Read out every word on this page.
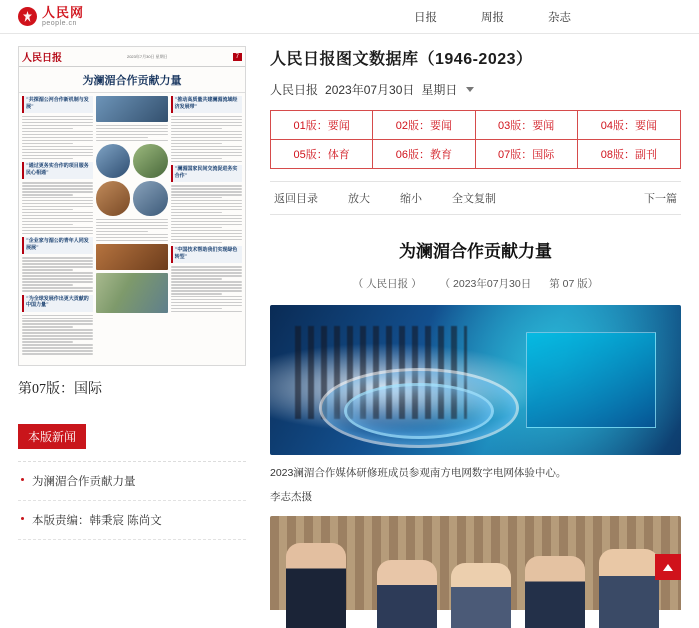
人民网
people.cn	日报	周报	杂志
人民日报	2023年7月30日 星期日	7
为澜湄合作贡献力量
"共探湄公河合作新机制与发展"
"通过更务实合作的项目服务民心相通"
"企业家与湄公的青年人同发展展"
"为全球发展作出更大贡献的中国力量"
"推动高质量共建澜湄流域经济发展带"
"澜湄国家民间交流促进务实合作"
"中国技术帮助我们实现绿色转型"
第07版：国际
本版新闻
为澜湄合作贡献力量
本版责编：韩秉宸 陈尚文
人民日报图文数据库（1946-2023）
人民日报 2023年07月30日 星期日
01版：要闻	02版：要闻	03版：要闻	04版：要闻
05版：体育	06版：教育	07版：国际	08版：副刊
返回目录	放大	缩小	全文复制	下一篇
为澜湄合作贡献力量
（ 人民日报 ） （ 2023年07月30日 第 07 版）
2023澜湄合作媒体研修班成员参观南方电网数字电网体验中心。
李志杰摄
